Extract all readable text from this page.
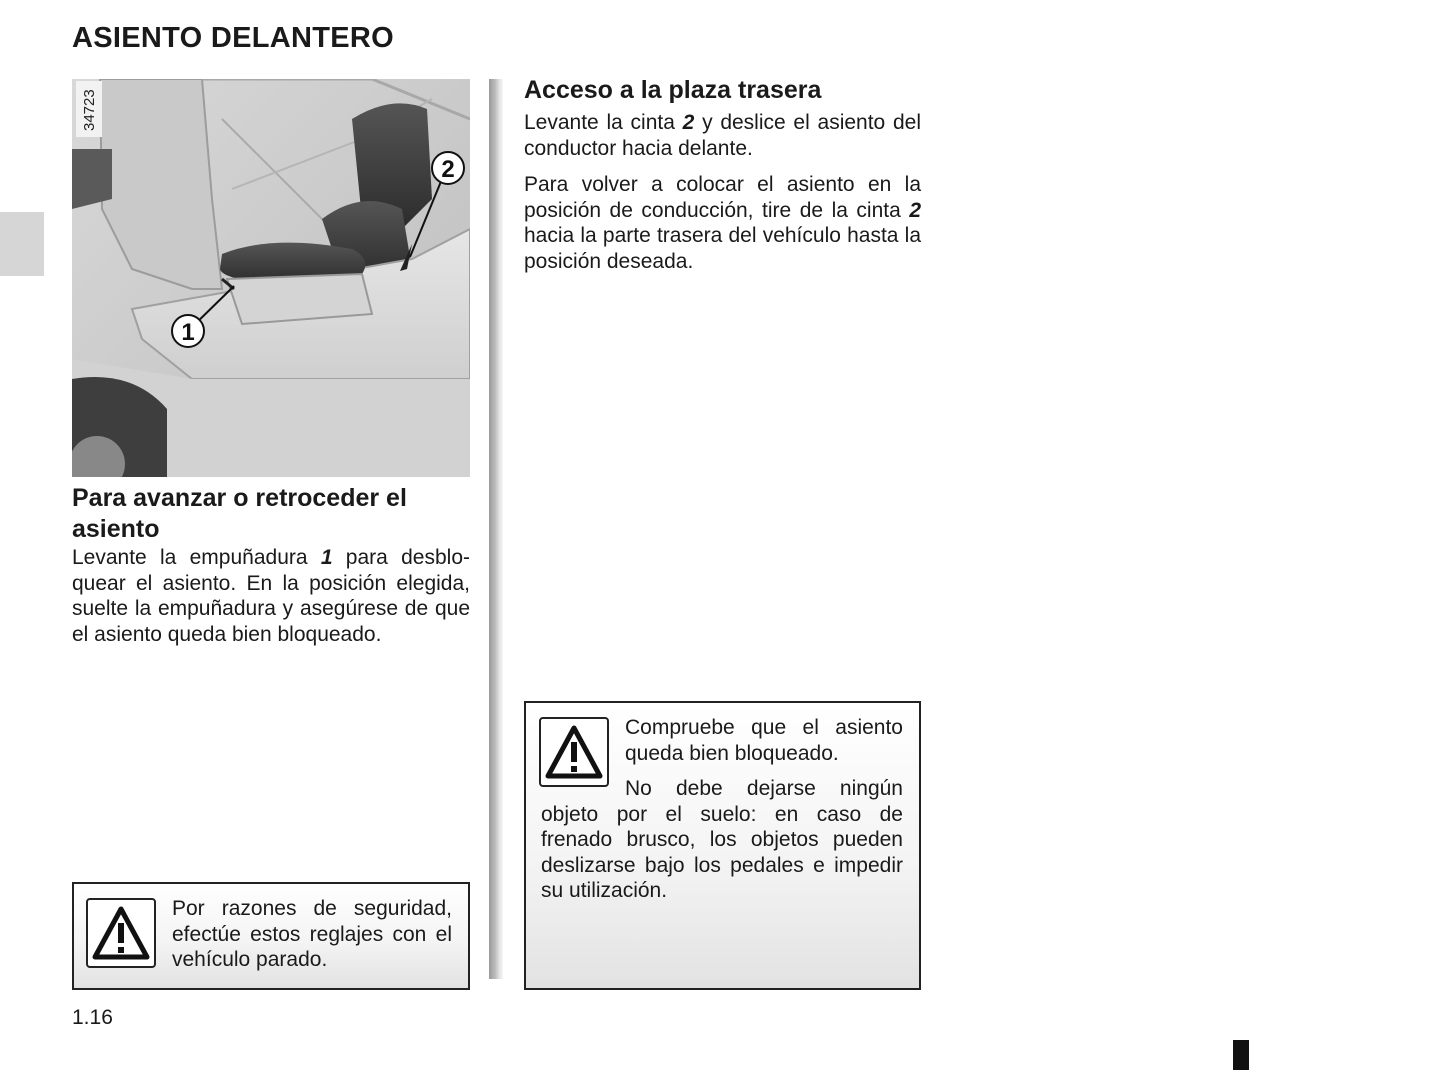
ASIENTO DELANTERO
1
2
34723
Para avanzar o retroceder el asiento

Levante la empuñadura 1 para desbloquear el asiento. En la posición elegida, suelte la empuñadura y asegúrese de que el asiento queda bien bloqueado.

Por razones de seguridad, efectúe estos reglajes con el vehículo parado.

Acceso a la plaza trasera

Levante la cinta 2 y deslice el asiento del conductor hacia delante.

Para volver a colocar el asiento en la posición de conducción, tire de la cinta 2 hacia la parte trasera del vehículo hasta la posición deseada.

Compruebe que el asiento queda bien bloqueado.

No debe dejarse ningún objeto por el suelo: en caso de frenado brusco, los objetos pueden deslizarse bajo los pedales e impedir su utilización.

1.16
